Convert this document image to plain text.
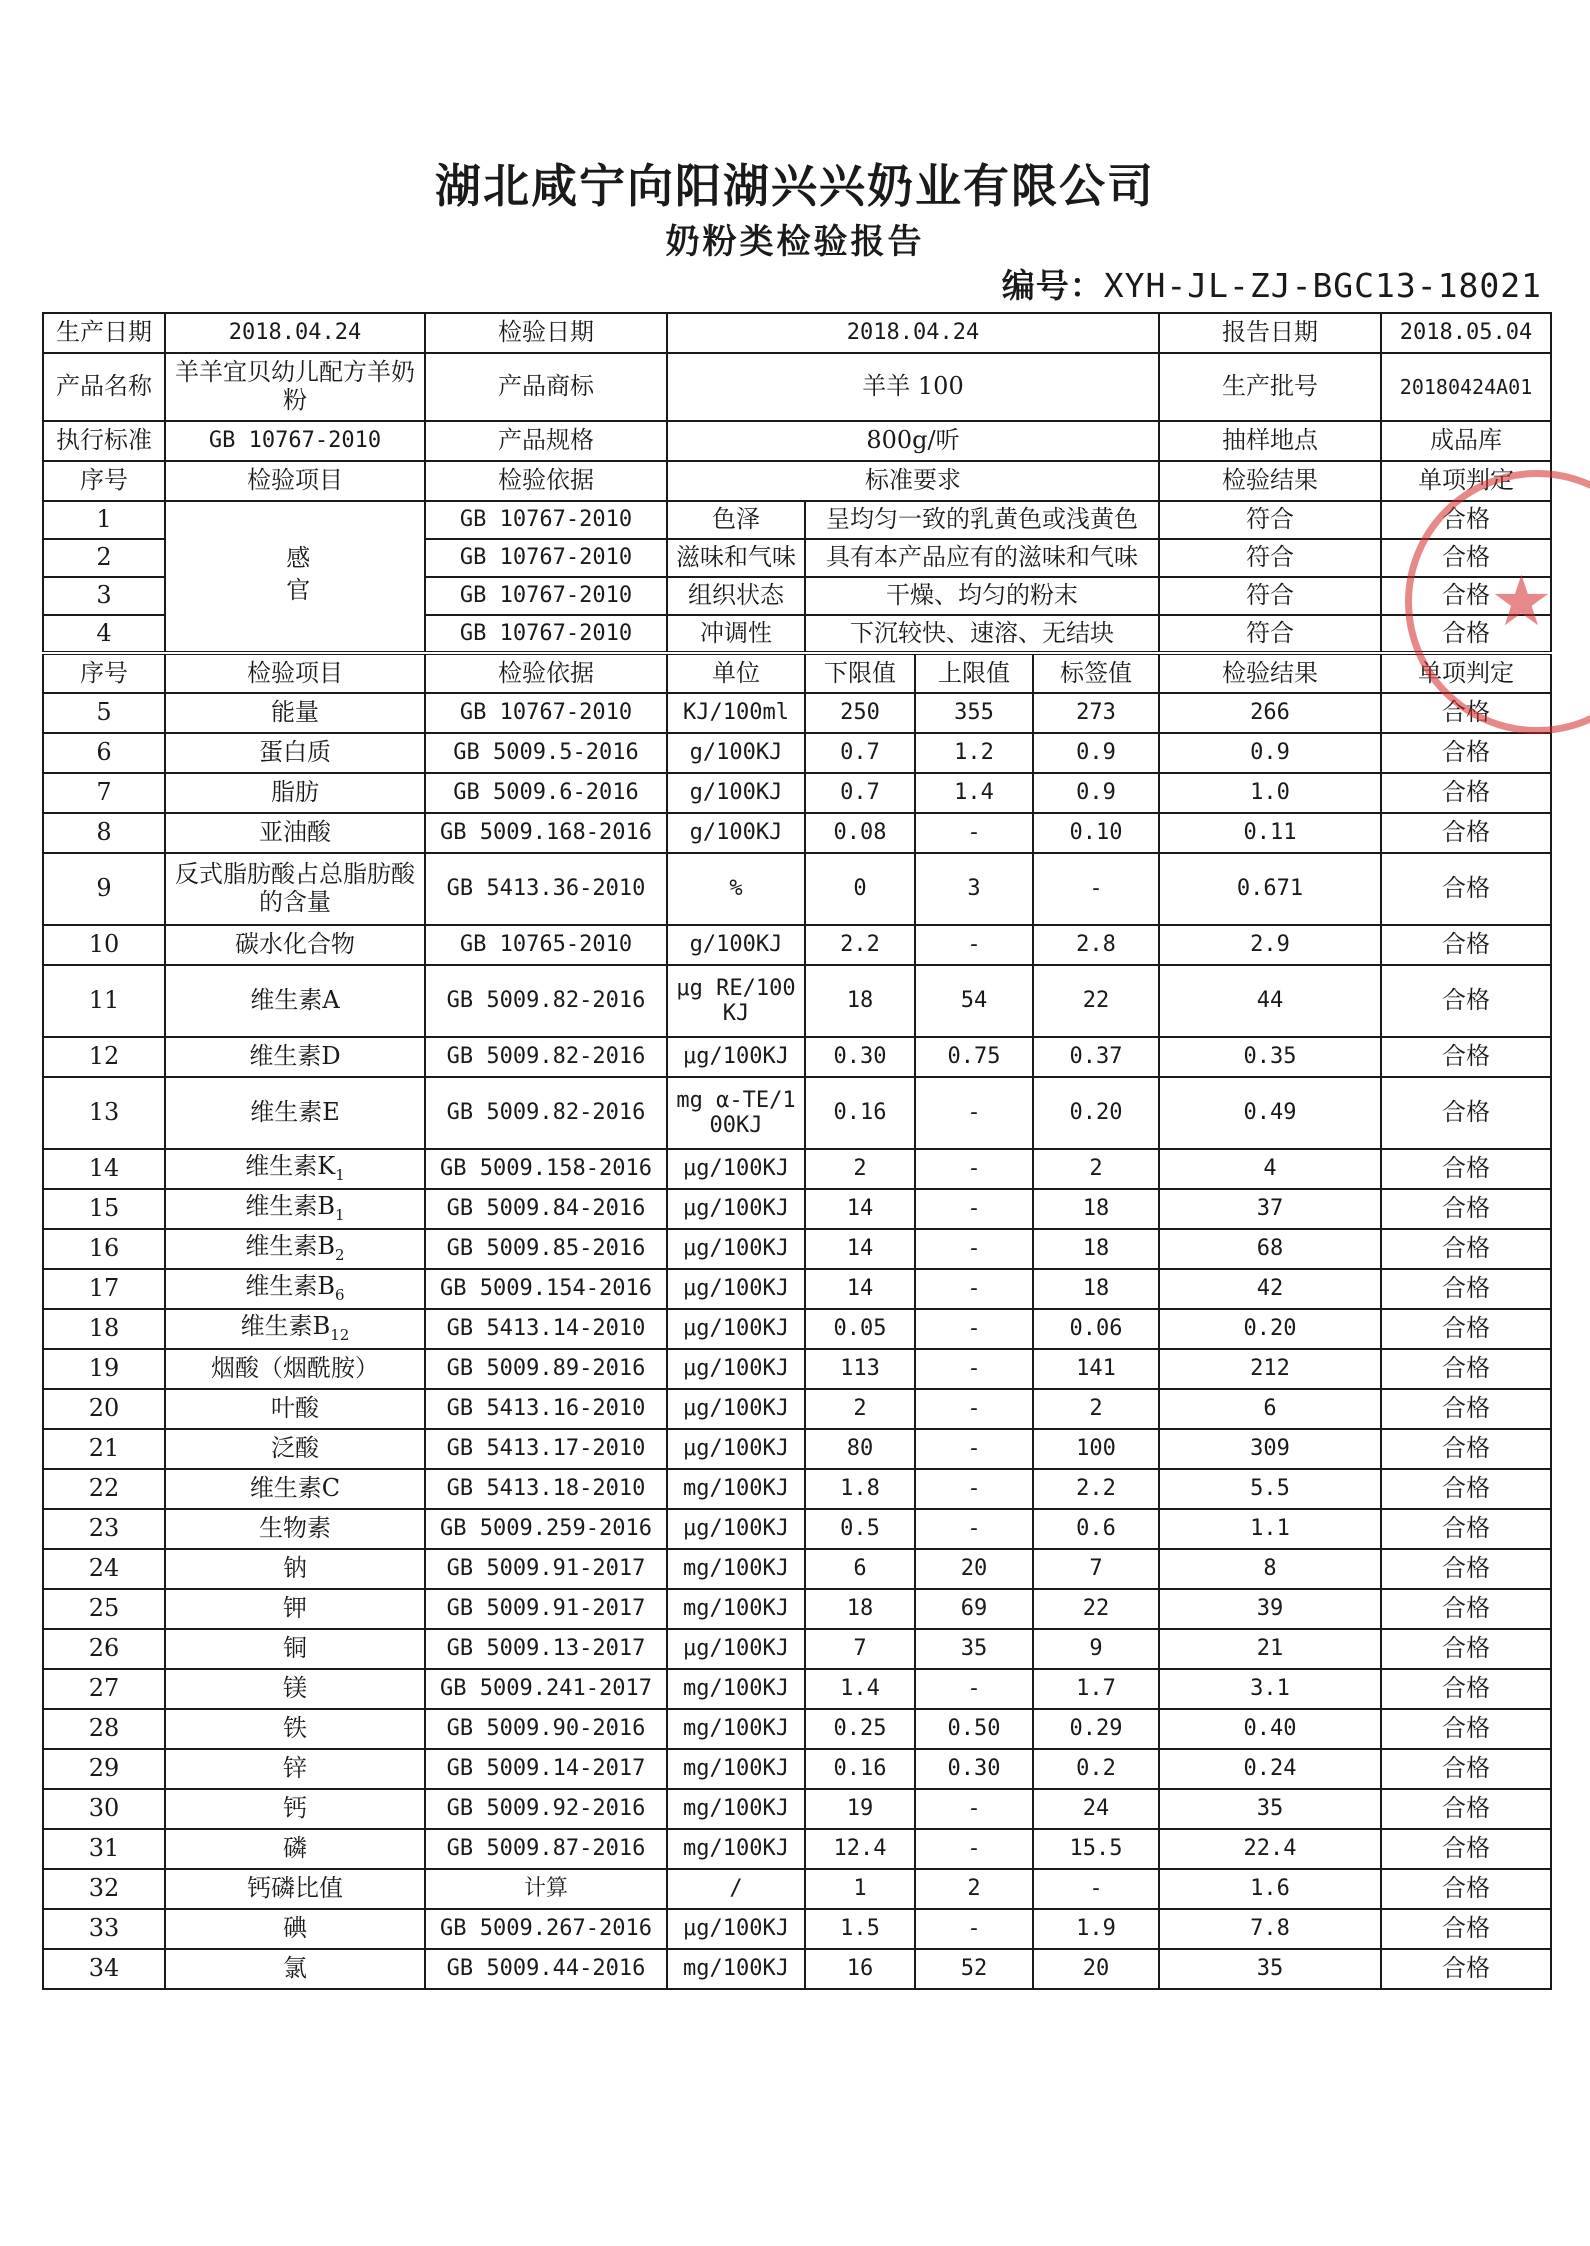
湖北咸宁向阳湖兴兴奶业有限公司
奶粉类检验报告
编号：XYH-JL-ZJ-BGC13-18021
生产日期	2018.04.24	检验日期	2018.04.24				报告日期	2018.05.04
产品名称	羊羊宜贝幼儿配方羊奶粉	产品商标	羊羊 100				生产批号	20180424A01
执行标准	GB 10767-2010	产品规格	800g/听				抽样地点	成品库
序号	检验项目	检验依据	标准要求				检验结果	单项判定
1	感官	GB 10767-2010	色泽	呈均匀一致的乳黄色或浅黄色			符合	合格
2		GB 10767-2010	滋味和气味	具有本产品应有的滋味和气味			符合	合格
3		GB 10767-2010	组织状态	干燥、均匀的粉末			符合	合格
4		GB 10767-2010	冲调性	下沉较快、速溶、无结块			符合	合格
序号	检验项目	检验依据	单位	下限值	上限值	标签值	检验结果	单项判定
5	能量	GB 10767-2010	KJ/100ml	250	355	273	266	合格
6	蛋白质	GB 5009.5-2016	g/100KJ	0.7	1.2	0.9	0.9	合格
7	脂肪	GB 5009.6-2016	g/100KJ	0.7	1.4	0.9	1.0	合格
8	亚油酸	GB 5009.168-2016	g/100KJ	0.08	-	0.10	0.11	合格
9	反式脂肪酸占总脂肪酸的含量	GB 5413.36-2010	%	0	3	-	0.671	合格
10	碳水化合物	GB 10765-2010	g/100KJ	2.2	-	2.8	2.9	合格
11	维生素A	GB 5009.82-2016	μg RE/100KJ	18	54	22	44	合格
12	维生素D	GB 5009.82-2016	μg/100KJ	0.30	0.75	0.37	0.35	合格
13	维生素E	GB 5009.82-2016	mg α-TE/100KJ	0.16	-	0.20	0.49	合格
14	维生素$K_1$	GB 5009.158-2016	μg/100KJ	2	-	2	4	合格
15	维生素$B_1$	GB 5009.84-2016	μg/100KJ	14	-	18	37	合格
16	维生素$B_2$	GB 5009.85-2016	μg/100KJ	14	-	18	68	合格
17	维生素$B_6$	GB 5009.154-2016	μg/100KJ	14	-	18	42	合格
18	维生素$B_{12}$	GB 5413.14-2010	μg/100KJ	0.05	-	0.06	0.20	合格
19	烟酸（烟酰胺）	GB 5009.89-2016	μg/100KJ	113	-	141	212	合格
20	叶酸	GB 5413.16-2010	μg/100KJ	2	-	2	6	合格
21	泛酸	GB 5413.17-2010	μg/100KJ	80	-	100	309	合格
22	维生素C	GB 5413.18-2010	mg/100KJ	1.8	-	2.2	5.5	合格
23	生物素	GB 5009.259-2016	μg/100KJ	0.5	-	0.6	1.1	合格
24	钠	GB 5009.91-2017	mg/100KJ	6	20	7	8	合格
25	钾	GB 5009.91-2017	mg/100KJ	18	69	22	39	合格
26	铜	GB 5009.13-2017	μg/100KJ	7	35	9	21	合格
27	镁	GB 5009.241-2017	mg/100KJ	1.4	-	1.7	3.1	合格
28	铁	GB 5009.90-2016	mg/100KJ	0.25	0.50	0.29	0.40	合格
29	锌	GB 5009.14-2017	mg/100KJ	0.16	0.30	0.2	0.24	合格
30	钙	GB 5009.92-2016	mg/100KJ	19	-	24	35	合格
31	磷	GB 5009.87-2016	mg/100KJ	12.4	-	15.5	22.4	合格
32	钙磷比值	计算	/	1	2	-	1.6	合格
33	碘	GB 5009.267-2016	μg/100KJ	1.5	-	1.9	7.8	合格
34	氯	GB 5009.44-2016	mg/100KJ	16	52	20	35	合格
★
